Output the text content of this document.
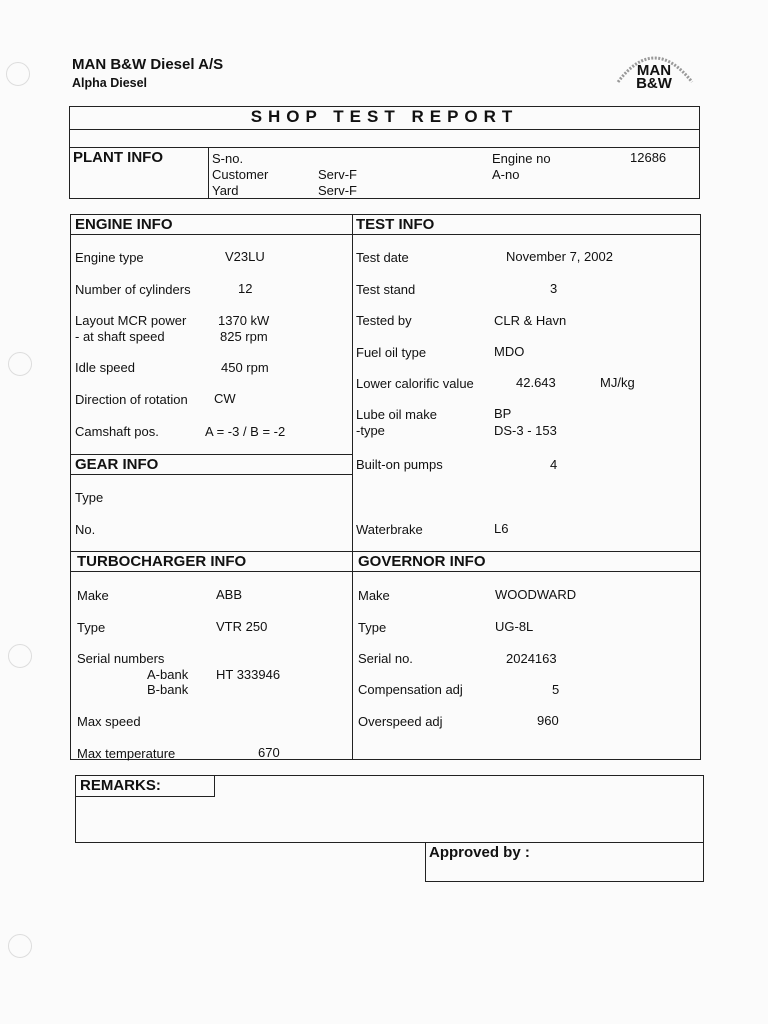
MAN B&W Diesel A/S
Alpha Diesel
MAN
B&W
SHOP TEST REPORT
PLANT INFO	S-no.
Customer	Serv-F
Yard	Serv-F
Engine no	12686
A-no
ENGINE INFO
Engine type	V23LU
Number of cylinders	12
Layout MCR power 1370 kW
- at shaft speed	825 rpm
Idle speed	450 rpm
Direction of rotation CW
Camshaft pos.	A = -3 / B = -2
GEAR INFO
Type
No.
TEST INFO
Test date	November 7, 2002
Test stand	3
Tested by	CLR & Havn
Fuel oil type	MDO
Lower calorific value	42.643	MJ/kg
Lube oil make	BP
-type	DS-3 - 153
Built-on pumps	4
Waterbrake	L6
TURBOCHARGER INFO
Make	ABB
Type	VTR 250
Serial numbers
A-bank HT 333946
B-bank
Max speed
Max temperature	670
GOVERNOR INFO
Make	WOODWARD
Type	UG-8L
Serial no.	2024163
Compensation adj	5
Overspeed adj	960
REMARKS:
Approved by :
